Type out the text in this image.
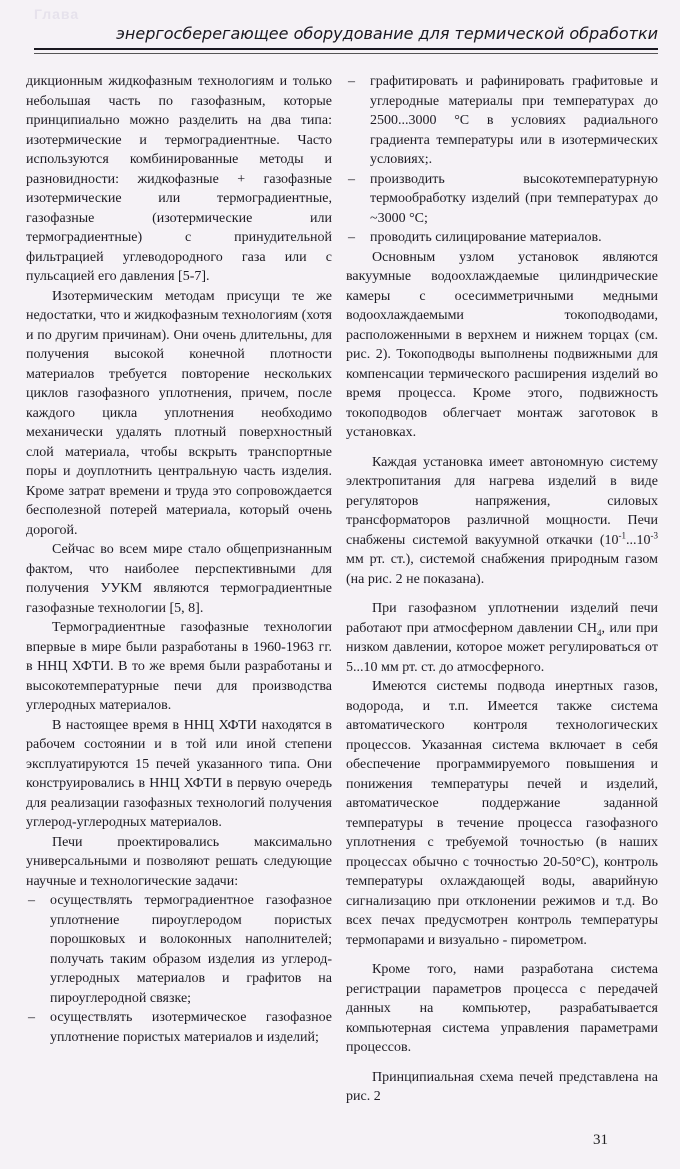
Глава
энергосберегающее оборудование для термической обработки

дикционным жидкофазным технологиям и только небольшая часть по газофазным, которые принципиально можно разделить на два типа: изотермические и термоградиентные. Часто используются комбинированные методы и разновидности: жидкофазные + газофазные изотермические или термоградиентные, газофазные (изотермические или термоградиентные) с принудительной фильтрацией углеводородного газа или с пульсацией его давления [5-7].

Изотермическим методам присущи те же недостатки, что и жидкофазным технологиям (хотя и по другим причинам). Они очень длительны, для получения высокой конечной плотности материалов требуется повторение нескольких циклов газофазного уплотнения, причем, после каждого цикла уплотнения необходимо механически удалять плотный поверхностный слой материала, чтобы вскрыть транспортные поры и доуплотнить центральную часть изделия. Кроме затрат времени и труда это сопровождается бесполезной потерей материала, который очень дорогой.

Сейчас во всем мире стало общепризнанным фактом, что наиболее перспективными для получения УУКМ являются термоградиентные газофазные технологии [5, 8].

Термоградиентные газофазные технологии впервые в мире были разработаны в 1960-1963 гг. в ННЦ ХФТИ. В то же время были разработаны и высокотемпературные печи для производства углеродных материалов.

В настоящее время в ННЦ ХФТИ находятся в рабочем состоянии и в той или иной степени эксплуатируются 15 печей указанного типа. Они конструировались в ННЦ ХФТИ в первую очередь для реализации газофазных технологий получения углерод-углеродных материалов.

Печи проектировались максимально универсальными и позволяют решать следующие научные и технологические задачи:

– осуществлять термоградиентное газофазное уплотнение пироуглеродом пористых порошковых и волоконных наполнителей; получать таким образом изделия из углерод-углеродных материалов и графитов на пироуглеродной связке;
– осуществлять изотермическое газофазное уплотнение пористых материалов и изделий;
– графитировать и рафинировать графитовые и углеродные материалы при температурах до 2500...3000 °С в условиях радиального градиента температуры или в изотермических условиях;.
– производить высокотемпературную термообработку изделий (при температурах до ~3000 °С;
– проводить силицирование материалов.

Основным узлом установок являются вакуумные водоохлаждаемые цилиндрические камеры с осесимметричными медными водоохлаждаемыми токоподводами, расположенными в верхнем и нижнем торцах (см. рис. 2). Токоподводы выполнены подвижными для компенсации термического расширения изделий во время процесса. Кроме этого, подвижность токоподводов облегчает монтаж заготовок в установках.

Каждая установка имеет автономную систему электропитания для нагрева изделий в виде регуляторов напряжения, силовых трансформаторов различной мощности. Печи снабжены системой вакуумной откачки ($10^{-1}...10^{-3}$ мм рт. ст.), системой снабжения природным газом (на рис. 2 не показана).

При газофазном уплотнении изделий печи работают при атмосферном давлении $CH_4$, или при низком давлении, которое может регулироваться от 5...10 мм рт. ст. до атмосферного.

Имеются системы подвода инертных газов, водорода, и т.п. Имеется также система автоматического контроля технологических процессов. Указанная система включает в себя обеспечение программируемого повышения и понижения температуры печей и изделий, автоматическое поддержание заданной температуры в течение процесса газофазного уплотнения с требуемой точностью (в наших процессах обычно с точностью 20-50°С), контроль температуры охлаждающей воды, аварийную сигнализацию при отклонении режимов и т.д. Во всех печах предусмотрен контроль температуры термопарами и визуально - пирометром.

Кроме того, нами разработана система регистрации параметров процесса с передачей данных на компьютер, разрабатывается компьютерная система управления параметрами процессов.

Принципиальная схема печей представлена на рис. 2

31
